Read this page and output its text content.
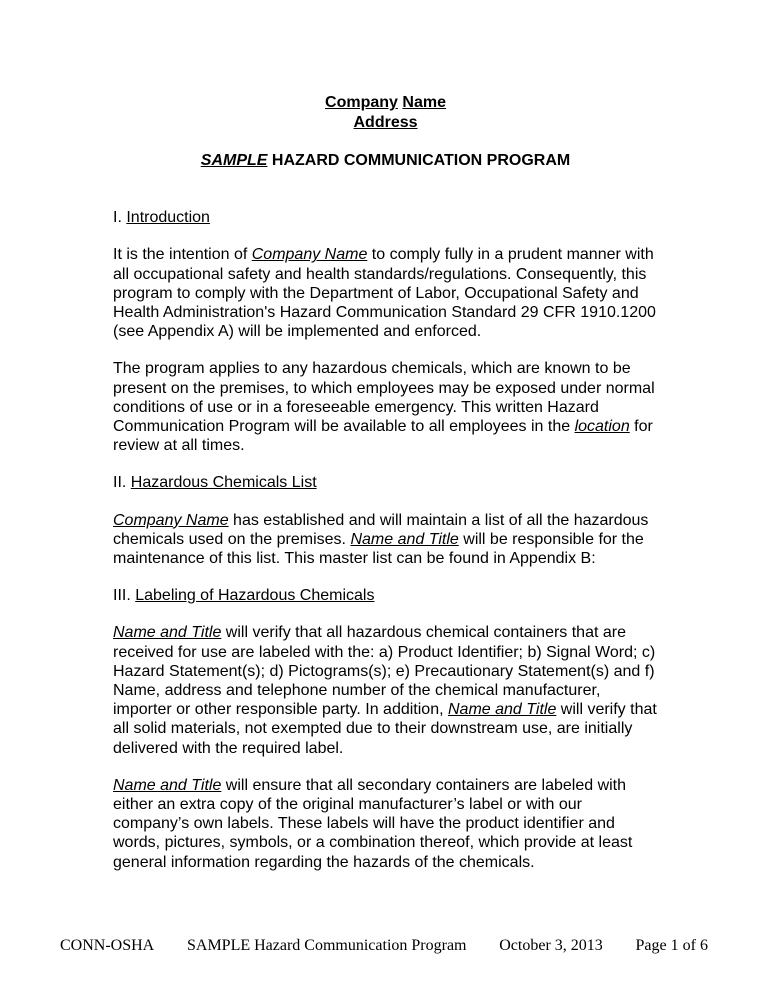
Company Name
Address
SAMPLE HAZARD COMMUNICATION PROGRAM
I. Introduction

It is the intention of Company Name to comply fully in a prudent manner with all occupational safety and health standards/regulations. Consequently, this program to comply with the Department of Labor, Occupational Safety and Health Administration's Hazard Communication Standard 29 CFR 1910.1200 (see Appendix A) will be implemented and enforced.

The program applies to any hazardous chemicals, which are known to be present on the premises, to which employees may be exposed under normal conditions of use or in a foreseeable emergency. This written Hazard Communication Program will be available to all employees in the location for review at all times.

II. Hazardous Chemicals List

Company Name has established and will maintain a list of all the hazardous chemicals used on the premises. Name and Title will be responsible for the maintenance of this list. This master list can be found in Appendix B:

III. Labeling of Hazardous Chemicals

Name and Title will verify that all hazardous chemical containers that are received for use are labeled with the: a) Product Identifier; b) Signal Word; c) Hazard Statement(s); d) Pictograms(s); e) Precautionary Statement(s) and f) Name, address and telephone number of the chemical manufacturer, importer or other responsible party. In addition, Name and Title will verify that all solid materials, not exempted due to their downstream use, are initially delivered with the required label.

Name and Title will ensure that all secondary containers are labeled with either an extra copy of the original manufacturer’s label or with our company’s own labels. These labels will have the product identifier and words, pictures, symbols, or a combination thereof, which provide at least general information regarding the hazards of the chemicals.

CONN-OSHA SAMPLE Hazard Communication Program October 3, 2013 Page 1 of 6
